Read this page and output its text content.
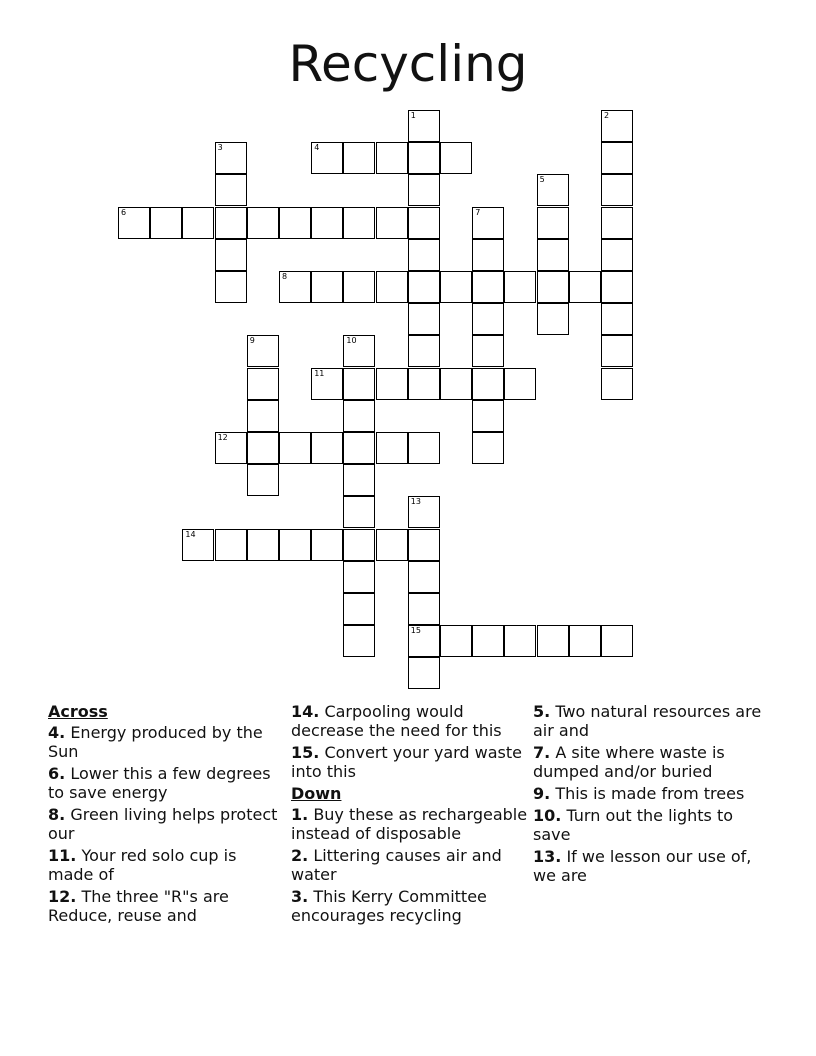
Recycling
1	2
3	4
5
6	7
8
9	10
11
12
13
15
14
Across
4. Energy produced by the Sun
6. Lower this a few degrees to save energy
8. Green living helps protect our
11. Your red solo cup is made of
12. The three "R"s are Reduce, reuse and
14. Carpooling would decrease the need for this
15. Convert your yard waste into this
Down
1. Buy these as rechargeable instead of disposable
2. Littering causes air and water
3. This Kerry Committee encourages recycling
5. Two natural resources are air and
7. A site where waste is dumped and/or buried
9. This is made from trees
10. Turn out the lights to save
13. If we lesson our use of, we are
